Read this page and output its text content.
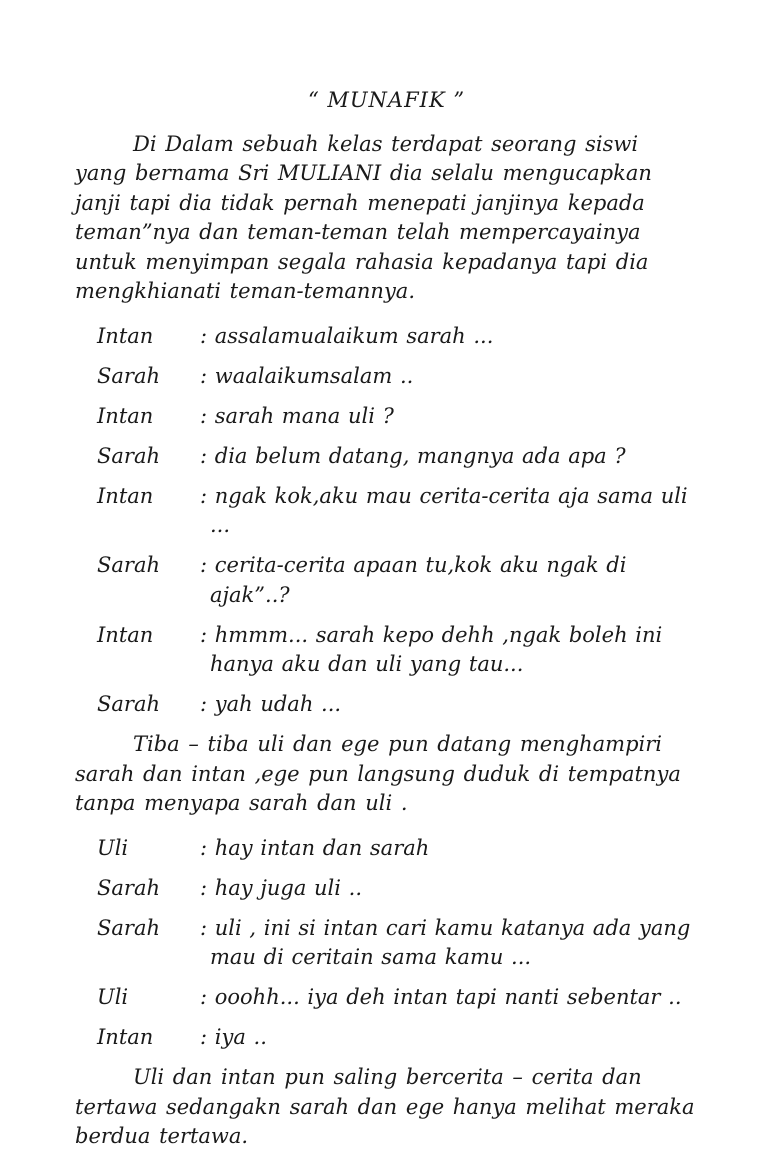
“ MUNAFIK ”

Di Dalam sebuah kelas terdapat seorang siswi yang bernama Sri MULIANI dia selalu mengucapkan janji tapi dia tidak pernah menepati janjinya kepada teman”nya dan teman-teman telah mempercayainya untuk menyimpan segala rahasia kepadanya tapi dia mengkhianati teman-temannya.

Intan	: assalamualaikum sarah ...
Sarah	: waalaikumsalam ..
Intan	: sarah mana uli ?
Sarah	: dia belum datang, mangnya ada apa ?
Intan	: ngak kok,aku mau cerita-cerita aja sama uli ...
Sarah	: cerita-cerita apaan tu,kok aku ngak di ajak”..?
Intan	: hmmm... sarah kepo dehh ,ngak boleh ini hanya aku dan uli yang tau...
Sarah	: yah udah ...

Tiba – tiba uli dan ege pun datang menghampiri sarah dan intan ,ege pun langsung duduk di tempatnya tanpa menyapa sarah dan uli .

Uli	: hay intan dan sarah
Sarah	: hay juga uli ..
Sarah	: uli , ini si intan cari kamu katanya ada yang mau di ceritain sama kamu ...
Uli	: ooohh... iya deh intan tapi nanti sebentar ..
Intan	: iya ..

Uli dan intan pun saling bercerita – cerita dan tertawa sedangakn sarah dan ege hanya melihat meraka berdua tertawa.
